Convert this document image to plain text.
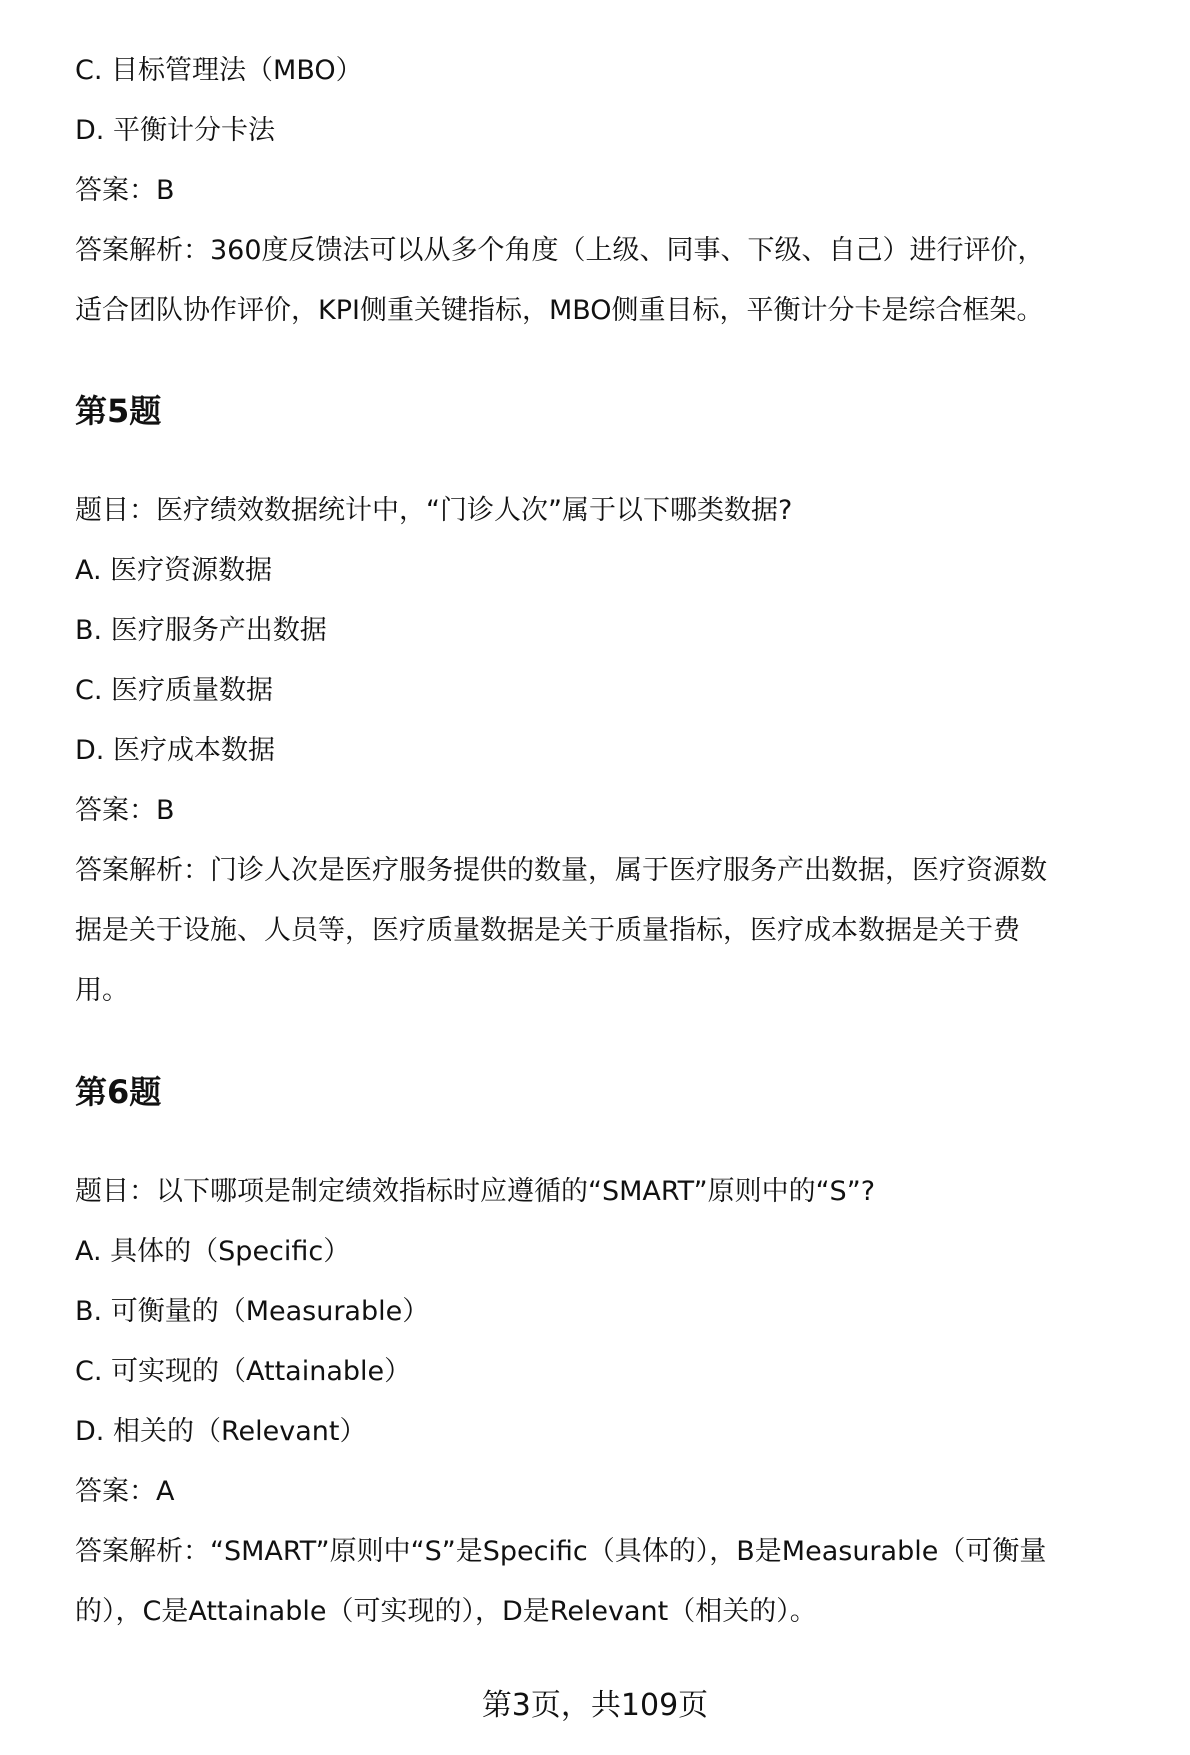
C. 目标管理法（MBO）
D. 平衡计分卡法
答案：B
答案解析：360度反馈法可以从多个角度（上级、同事、下级、自己）进行评价，
适合团队协作评价，KPI侧重关键指标，MBO侧重目标，平衡计分卡是综合框架。
第5题
题目：医疗绩效数据统计中，“门诊人次”属于以下哪类数据?
A. 医疗资源数据
B. 医疗服务产出数据
C. 医疗质量数据
D. 医疗成本数据
答案：B
答案解析：门诊人次是医疗服务提供的数量，属于医疗服务产出数据，医疗资源数
据是关于设施、人员等，医疗质量数据是关于质量指标，医疗成本数据是关于费
用。
第6题
题目：以下哪项是制定绩效指标时应遵循的“SMART”原则中的“S”?
A. 具体的（Specific）
B. 可衡量的（Measurable）
C. 可实现的（Attainable）
D. 相关的（Relevant）
答案：A
答案解析：“SMART”原则中“S”是Specific（具体的），B是Measurable（可衡量
的），C是Attainable（可实现的），D是Relevant（相关的）。
第3页，共109页
